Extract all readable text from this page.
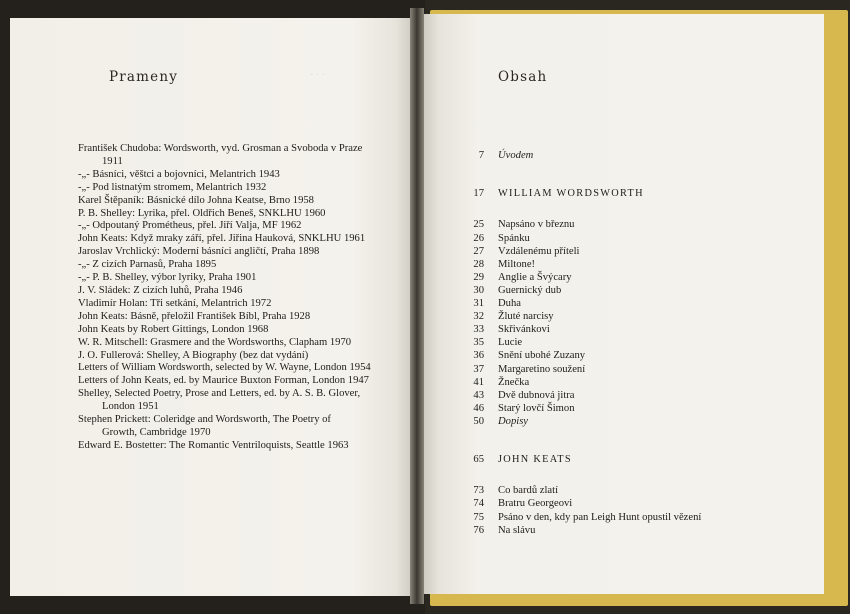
· · ·
Prameny	Obsah
František Chudoba: Wordsworth, vyd. Grosman a Svoboda v Praze
1911
-„- Básníci, věštci a bojovníci, Melantrich 1943
-„- Pod listnatým stromem, Melantrich 1932
Karel Štěpaník: Básnické dílo Johna Keatse, Brno 1958
P. B. Shelley: Lyrika, přel. Oldřich Beneš, SNKLHU 1960
-„- Odpoutaný Prométheus, přel. Jiří Valja, MF 1962
John Keats: Když mraky září, přel. Jiřina Hauková, SNKLHU 1961
Jaroslav Vrchlický: Moderní básníci angličtí, Praha 1898
-„- Z cizích Parnasů, Praha 1895
-„- P. B. Shelley, výbor lyriky, Praha 1901
J. V. Sládek: Z cizích luhů, Praha 1946
Vladimír Holan: Tři setkání, Melantrich 1972
John Keats: Básně, přeložil František Bíbl, Praha 1928
John Keats by Robert Gittings, London 1968
W. R. Mitschell: Grasmere and the Wordsworths, Clapham 1970
J. O. Fullerová: Shelley, A Biography (bez dat vydání)
Letters of William Wordsworth, selected by W. Wayne, London 1954
Letters of John Keats, ed. by Maurice Buxton Forman, London 1947
Shelley, Selected Poetry, Prose and Letters, ed. by A. S. B. Glover,
London 1951
Stephen Prickett: Coleridge and Wordsworth, The Poetry of
Growth, Cambridge 1970
Edward E. Bostetter: The Romantic Ventriloquists, Seattle 1963
7 Úvodem
17 WILLIAM WORDSWORTH
25 Napsáno v březnu
26 Spánku
27 Vzdálenému příteli
28 Miltone!
29 Anglie a Švýcary
30 Guernický dub
31 Duha
32 Žluté narcisy
33 Skřivánkovi
35 Lucie
36 Snění ubohé Zuzany
37 Margaretino soužení
41 Žnečka
43 Dvě dubnová jitra
46 Starý lovčí Šimon
50 Dopisy
65 JOHN KEATS
73 Co bardů zlatí
74 Bratru Georgeovi
75 Psáno v den, kdy pan Leigh Hunt opustil vězení
76 Na slávu
